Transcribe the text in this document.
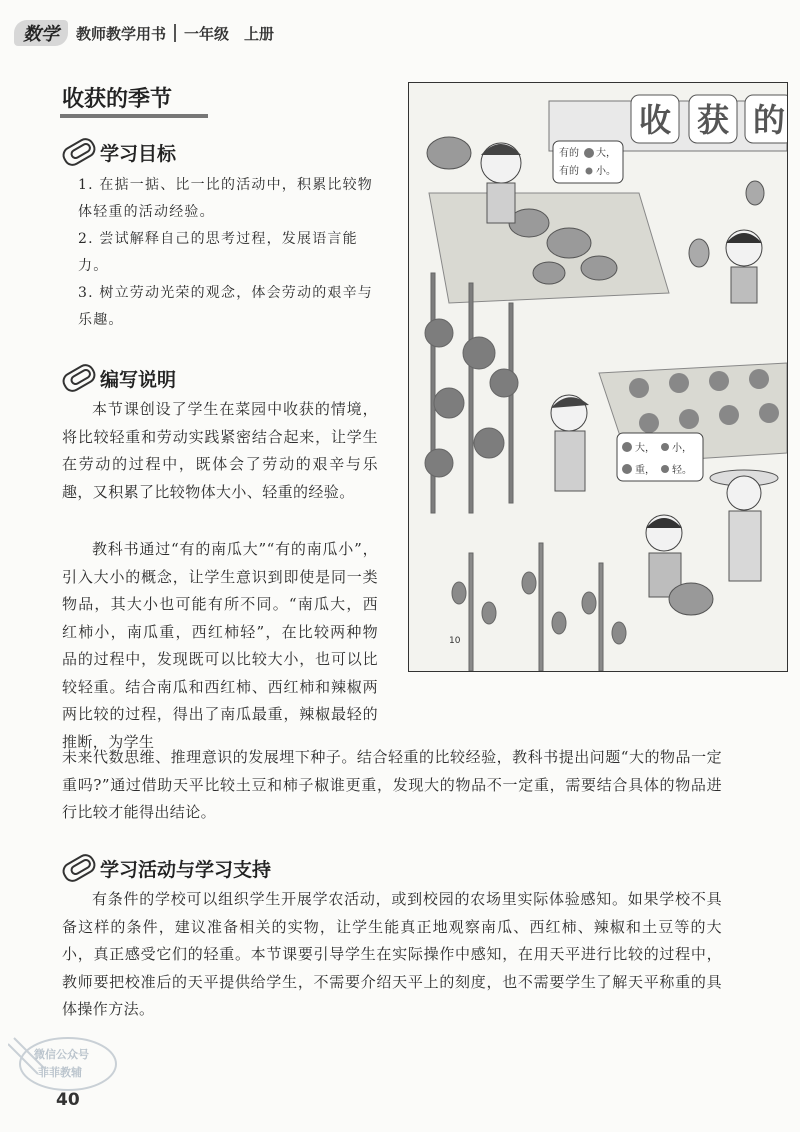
数学	教师教学用书 一年级　上册
收获的季节
学习目标
1. 在掂一掂、比一比的活动中，积累比较物体轻重的活动经验。
2. 尝试解释自己的思考过程，发展语言能力。
3. 树立劳动光荣的观念，体会劳动的艰辛与乐趣。
编写说明
本节课创设了学生在菜园中收获的情境，将比较轻重和劳动实践紧密结合起来，让学生在劳动的过程中，既体会了劳动的艰辛与乐趣，又积累了比较物体大小、轻重的经验。
教科书通过“有的南瓜大”“有的南瓜小”，引入大小的概念，让学生意识到即使是同一类物品，其大小也可能有所不同。“南瓜大，西红柿小，南瓜重，西红柿轻”，在比较两种物品的过程中，发现既可以比较大小，也可以比较轻重。结合南瓜和西红柿、西红柿和辣椒两两比较的过程，得出了南瓜最重，辣椒最轻的推断，为学生
未来代数思维、推理意识的发展埋下种子。结合轻重的比较经验，教科书提出问题“大的物品一定重吗?”通过借助天平比较土豆和柿子椒谁更重，发现大的物品不一定重，需要结合具体的物品进行比较才能得出结论。
学习活动与学习支持
有条件的学校可以组织学生开展学农活动，或到校园的农场里实际体验感知。如果学校不具备这样的条件，建议准备相关的实物，让学生能真正地观察南瓜、西红柿、辣椒和土豆等的大小，真正感受它们的轻重。本节课要引导学生在实际操作中感知，在用天平进行比较的过程中，教师要把校准后的天平提供给学生，不需要介绍天平上的刻度，也不需要学生了解天平称重的具体操作方法。
收 获 的
有的 大，
有的 小。
大， 小，
重， 轻。
10
微信公众号
菲菲教辅
40
